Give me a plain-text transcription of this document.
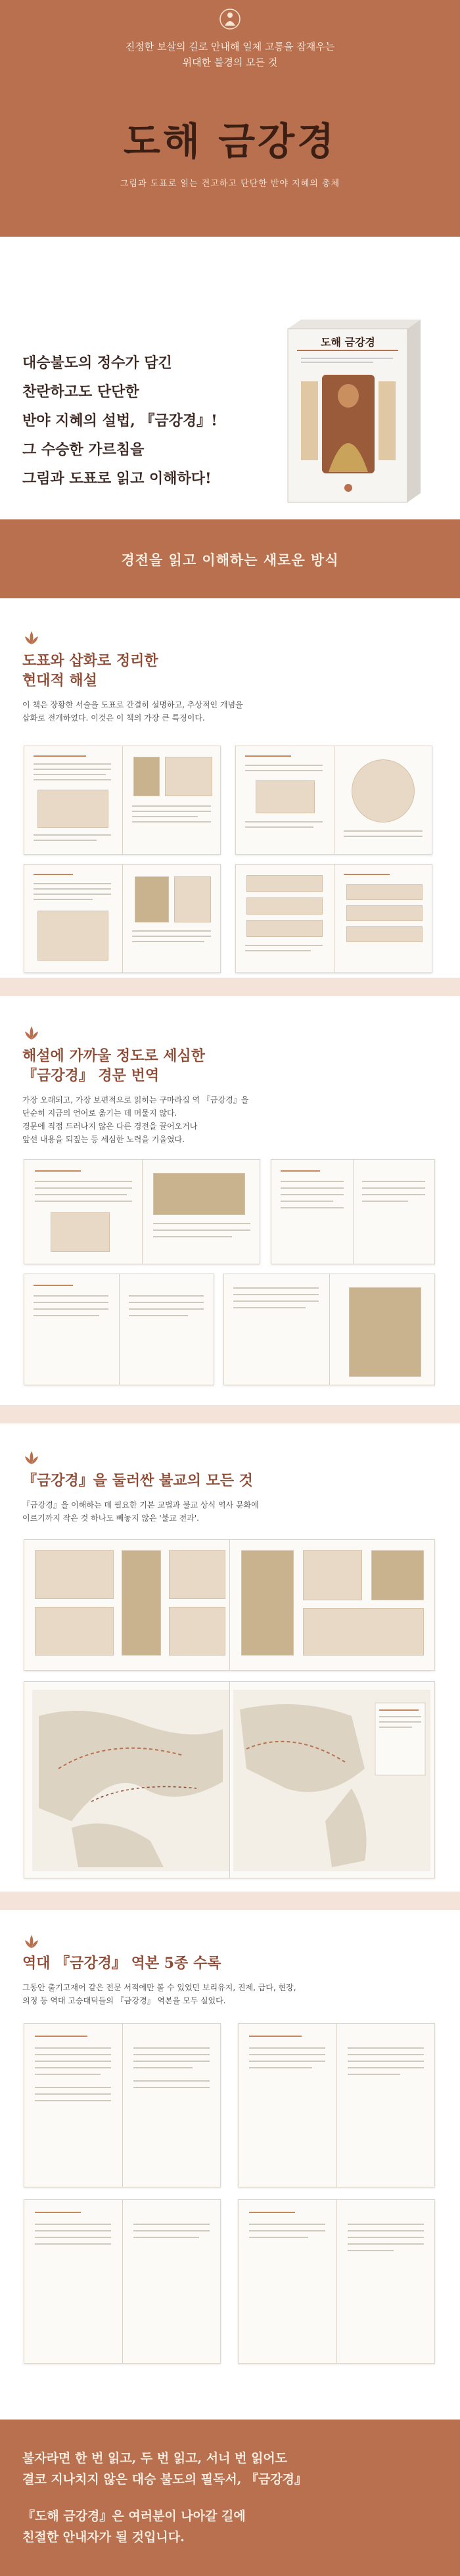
진정한 보살의 길로 안내해 일체 고통을 잠재우는
위대한 불경의 모든 것
도해 금강경
그림과 도표로 읽는 견고하고 단단한 반야 지혜의 총체
대승불도의 정수가 담긴
찬란하고도 단단한
반야 지혜의 설법, 『금강경』!
그 수승한 가르침을
그림과 도표로 읽고 이해하다!
도해 금강경
경전을 읽고 이해하는 새로운 방식
도표와 삽화로 정리한
현대적 해설
이 책은 장황한 서술을 도표로 간결히 설명하고, 추상적인 개념을
삽화로 전개하였다. 이것은 이 책의 가장 큰 특징이다.
해설에 가까울 정도로 세심한
『금강경』 경문 번역
가장 오래되고, 가장 보편적으로 읽히는 구마라집 역 『금강경』을
단순히 지금의 언어로 옮기는 데 머물지 않다.
경문에 직접 드러나지 않은 다른 경전을 끌어오거나
앞선 내용을 되짚는 등 세심한 노력을 기울였다.
『금강경』을 둘러싼 불교의 모든 것
『금강경』을 이해하는 데 필요한 기본 교법과 불교 상식 역사 문화에
이르기까지 작은 것 하나도 빼놓지 않은 '불교 전과'.
역대 『금강경』 역본 5종 수록
그동안 출기고재어 같은 전문 서적에만 볼 수 있었던 보리유지, 진제, 급다, 현장,
의정 등 역대 고승대덕들의 『금강경』 역본을 모두 실었다.
불자라면 한 번 읽고, 두 번 읽고, 서너 번 읽어도
결코 지나치지 않은 대승 불도의 필독서, 『금강경』
『도해 금강경』은 여러분이 나아갈 길에
친절한 안내자가 될 것입니다.
